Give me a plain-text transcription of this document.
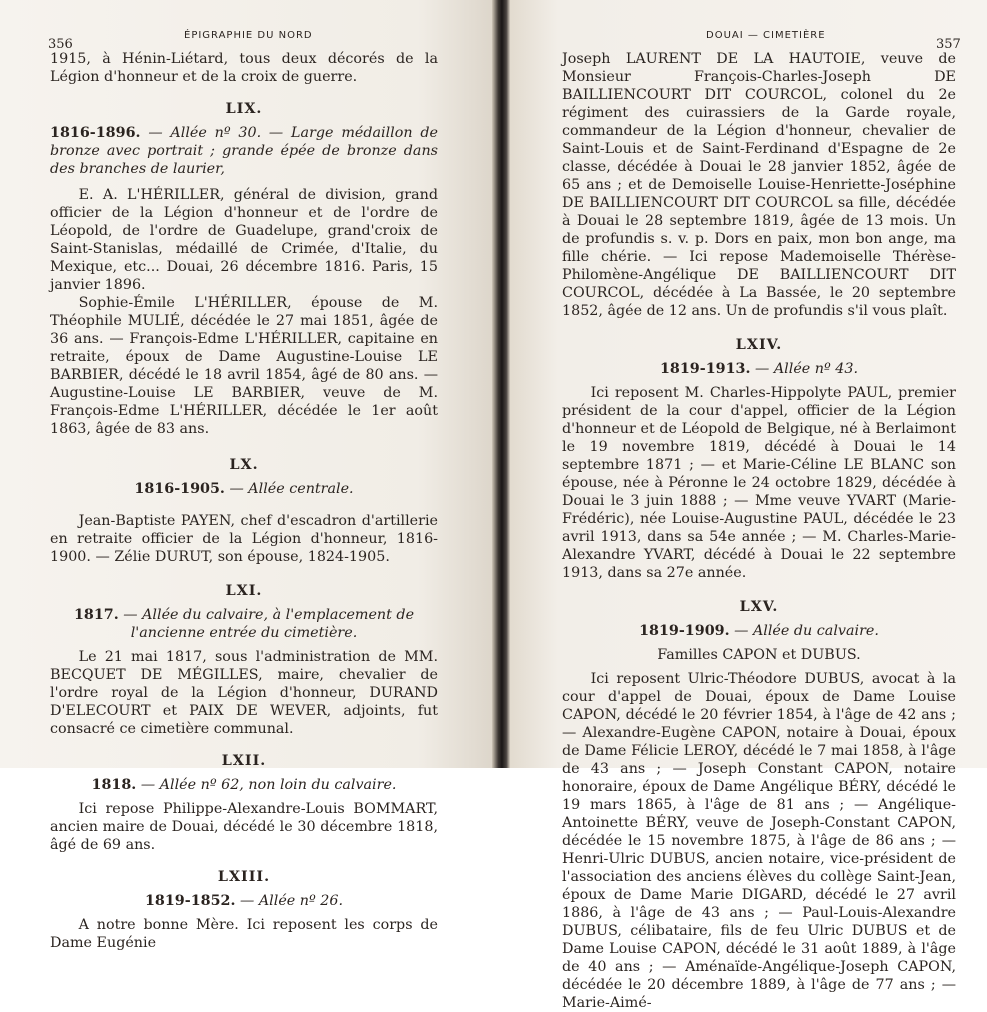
356
ÉPIGRAPHIE DU NORD

1915, à Hénin-Liétard, tous deux décorés de la Légion d'honneur et de la croix de guerre.

LIX.

1816-1896. — Allée nº 30. — Large médaillon de bronze avec portrait ; grande épée de bronze dans des branches de laurier,

E. A. L'HÉRILLER, général de division, grand officier de la Légion d'honneur et de l'ordre de Léopold, de l'ordre de Guadelupe, grand'croix de Saint-Stanislas, médaillé de Crimée, d'Italie, du Mexique, etc... Douai, 26 décembre 1816. Paris, 15 janvier 1896.

Sophie-Émile L'HÉRILLER, épouse de M. Théophile MULIÉ, décédée le 27 mai 1851, âgée de 36 ans. — François-Edme L'HÉRILLER, capitaine en retraite, époux de Dame Augustine-Louise LE BARBIER, décédé le 18 avril 1854, âgé de 80 ans. — Augustine-Louise LE BARBIER, veuve de M. François-Edme L'HÉRILLER, décédée le 1er août 1863, âgée de 83 ans.

LX.
1816-1905. — Allée centrale.

Jean-Baptiste PAYEN, chef d'escadron d'artillerie en retraite officier de la Légion d'honneur, 1816-1900. — Zélie DURUT, son épouse, 1824-1905.

LXI.
1817. — Allée du calvaire, à l'emplacement de l'ancienne entrée du cimetière.

Le 21 mai 1817, sous l'administration de MM. BECQUET DE MÉGILLES, maire, chevalier de l'ordre royal de la Légion d'honneur, DURAND D'ELECOURT et PAIX DE WEVER, adjoints, fut consacré ce cimetière communal.

LXII.
1818. — Allée nº 62, non loin du calvaire.

Ici repose Philippe-Alexandre-Louis BOMMART, ancien maire de Douai, décédé le 30 décembre 1818, âgé de 69 ans.

LXIII.
1819-1852. — Allée nº 26.

A notre bonne Mère. Ici reposent les corps de Dame Eugénie

DOUAI — CIMETIÈRE
357

Joseph LAURENT DE LA HAUTOIE, veuve de Monsieur François-Charles-Joseph DE BAILLIENCOURT DIT COURCOL, colonel du 2e régiment des cuirassiers de la Garde royale, commandeur de la Légion d'honneur, chevalier de Saint-Louis et de Saint-Ferdinand d'Espagne de 2e classe, décédée à Douai le 28 janvier 1852, âgée de 65 ans ; et de Demoiselle Louise-Henriette-Joséphine DE BAILLIENCOURT DIT COURCOL sa fille, décédée à Douai le 28 septembre 1819, âgée de 13 mois. Un de profundis s. v. p. Dors en paix, mon bon ange, ma fille chérie. — Ici repose Mademoiselle Thérèse-Philomène-Angélique DE BAILLIENCOURT DIT COURCOL, décédée à La Bassée, le 20 septembre 1852, âgée de 12 ans. Un de profundis s'il vous plaît.

LXIV.
1819-1913. — Allée nº 43.

Ici reposent M. Charles-Hippolyte PAUL, premier président de la cour d'appel, officier de la Légion d'honneur et de Léopold de Belgique, né à Berlaimont le 19 novembre 1819, décédé à Douai le 14 septembre 1871 ; — et Marie-Céline LE BLANC son épouse, née à Péronne le 24 octobre 1829, décédée à Douai le 3 juin 1888 ; — Mme veuve YVART (Marie-Frédéric), née Louise-Augustine PAUL, décédée le 23 avril 1913, dans sa 54e année ; — M. Charles-Marie-Alexandre YVART, décédé à Douai le 22 septembre 1913, dans sa 27e année.

LXV.
1819-1909. — Allée du calvaire.
Familles CAPON et DUBUS.

Ici reposent Ulric-Théodore DUBUS, avocat à la cour d'appel de Douai, époux de Dame Louise CAPON, décédé le 20 février 1854, à l'âge de 42 ans ; — Alexandre-Eugène CAPON, notaire à Douai, époux de Dame Félicie LEROY, décédé le 7 mai 1858, à l'âge de 43 ans ; — Joseph Constant CAPON, notaire honoraire, époux de Dame Angélique BÉRY, décédé le 19 mars 1865, à l'âge de 81 ans ; — Angélique-Antoinette BÉRY, veuve de Joseph-Constant CAPON, décédée le 15 novembre 1875, à l'âge de 86 ans ; — Henri-Ulric DUBUS, ancien notaire, vice-président de l'association des anciens élèves du collège Saint-Jean, époux de Dame Marie DIGARD, décédé le 27 avril 1886, à l'âge de 43 ans ; — Paul-Louis-Alexandre DUBUS, célibataire, fils de feu Ulric DUBUS et de Dame Louise CAPON, décédé le 31 août 1889, à l'âge de 40 ans ; — Aménaïde-Angélique-Joseph CAPON, décédée le 20 décembre 1889, à l'âge de 77 ans ; — Marie-Aimé-
